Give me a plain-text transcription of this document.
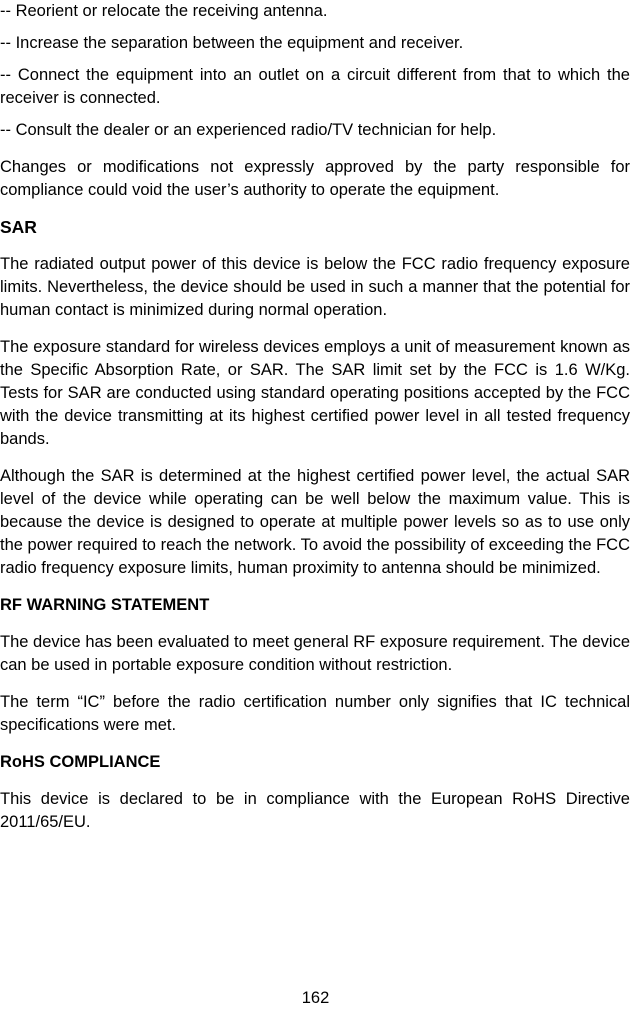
-- Reorient or relocate the receiving antenna.

-- Increase the separation between the equipment and receiver.

-- Connect the equipment into an outlet on a circuit different from that to which the receiver is connected.

-- Consult the dealer or an experienced radio/TV technician for help.

Changes or modifications not expressly approved by the party responsible for compliance could void the user’s authority to operate the equipment.

SAR

The radiated output power of this device is below the FCC radio frequency exposure limits. Nevertheless, the device should be used in such a manner that the potential for human contact is minimized during normal operation.

The exposure standard for wireless devices employs a unit of measurement known as the Specific Absorption Rate, or SAR. The SAR limit set by the FCC is 1.6 W/Kg. Tests for SAR are conducted using standard operating positions accepted by the FCC with the device transmitting at its highest certified power level in all tested frequency bands.

Although the SAR is determined at the highest certified power level, the actual SAR level of the device while operating can be well below the maximum value. This is because the device is designed to operate at multiple power levels so as to use only the power required to reach the network. To avoid the possibility of exceeding the FCC radio frequency exposure limits, human proximity to antenna should be minimized.

RF WARNING STATEMENT

The device has been evaluated to meet general RF exposure requirement. The device can be used in portable exposure condition without restriction.

The term “IC” before the radio certification number only signifies that IC technical specifications were met.

RoHS COMPLIANCE

This device is declared to be in compliance with the European RoHS Directive 2011/65/EU.

162
